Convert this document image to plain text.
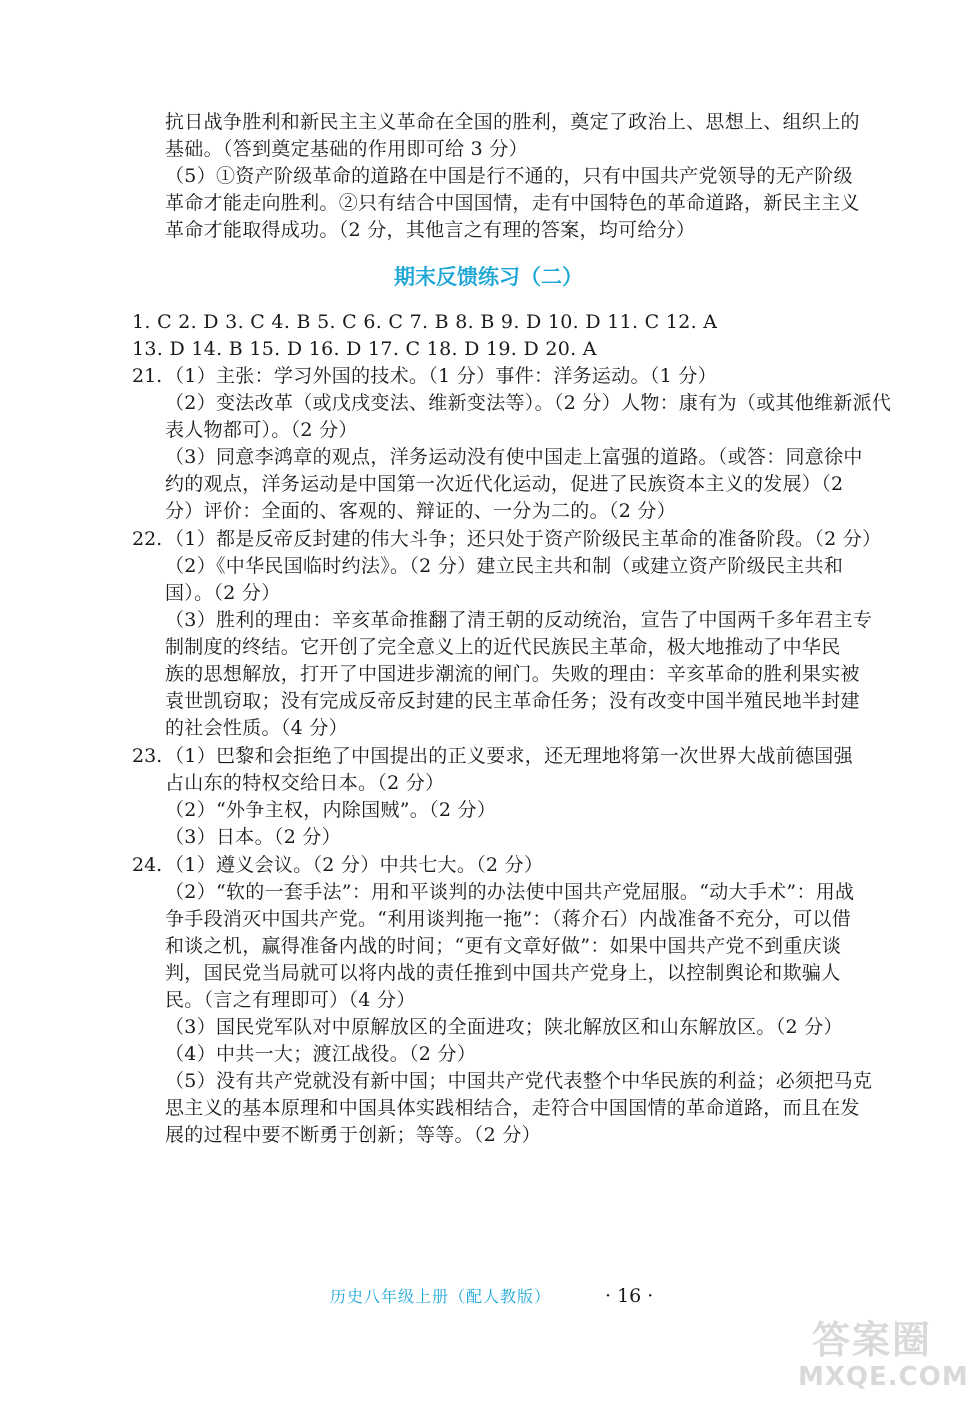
抗日战争胜利和新民主主义革命在全国的胜利，奠定了政治上、思想上、组织上的
基础。（答到奠定基础的作用即可给 3 分）
（5）①资产阶级革命的道路在中国是行不通的，只有中国共产党领导的无产阶级
革命才能走向胜利。②只有结合中国国情，走有中国特色的革命道路，新民主主义
革命才能取得成功。（2 分，其他言之有理的答案，均可给分）
期末反馈练习（二）
1. C 2. D 3. C 4. B 5. C 6. C 7. B 8. B 9. D 10. D 11. C 12. A
13. D 14. B 15. D 16. D 17. C 18. D 19. D 20. A
21. （1）主张：学习外国的技术。（1 分）事件：洋务运动。（1 分）
（2）变法改革（或戊戌变法、维新变法等）。（2 分）人物：康有为（或其他维新派代
表人物都可）。（2 分）
（3）同意李鸿章的观点，洋务运动没有使中国走上富强的道路。（或答：同意徐中
约的观点，洋务运动是中国第一次近代化运动，促进了民族资本主义的发展）（2
分）评价：全面的、客观的、辩证的、一分为二的。（2 分）
22. （1）都是反帝反封建的伟大斗争；还只处于资产阶级民主革命的准备阶段。（2 分）
（2）《中华民国临时约法》。（2 分）建立民主共和制（或建立资产阶级民主共和
国）。（2 分）
（3）胜利的理由：辛亥革命推翻了清王朝的反动统治，宣告了中国两千多年君主专
制制度的终结。它开创了完全意义上的近代民族民主革命，极大地推动了中华民
族的思想解放，打开了中国进步潮流的闸门。失败的理由：辛亥革命的胜利果实被
袁世凯窃取；没有完成反帝反封建的民主革命任务；没有改变中国半殖民地半封建
的社会性质。（4 分）
23. （1）巴黎和会拒绝了中国提出的正义要求，还无理地将第一次世界大战前德国强
占山东的特权交给日本。（2 分）
（2）“外争主权，内除国贼”。（2 分）
（3）日本。（2 分）
24. （1）遵义会议。（2 分）中共七大。（2 分）
（2）“软的一套手法”：用和平谈判的办法使中国共产党屈服。“动大手术”：用战
争手段消灭中国共产党。“利用谈判拖一拖”：（蒋介石）内战准备不充分，可以借
和谈之机，赢得准备内战的时间；“更有文章好做”：如果中国共产党不到重庆谈
判，国民党当局就可以将内战的责任推到中国共产党身上，以控制舆论和欺骗人
民。（言之有理即可）（4 分）
（3）国民党军队对中原解放区的全面进攻；陕北解放区和山东解放区。（2 分）
（4）中共一大；渡江战役。（2 分）
（5）没有共产党就没有新中国；中国共产党代表整个中华民族的利益；必须把马克
思主义的基本原理和中国具体实践相结合，走符合中国国情的革命道路，而且在发
展的过程中要不断勇于创新；等等。（2 分）
历史八年级上册（配人教版）	· 16 ·
答案圈
MXQE.COM
